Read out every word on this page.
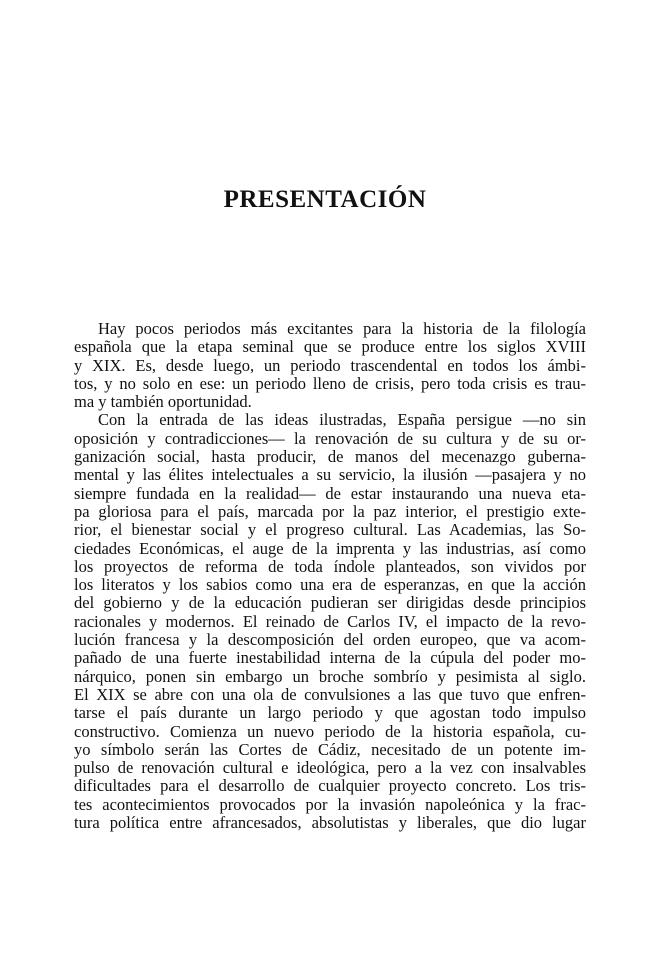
PRESENTACIÓN

Hay pocos periodos más excitantes para la historia de la filología

española que la etapa seminal que se produce entre los siglos XVIII

y XIX. Es, desde luego, un periodo trascendental en todos los ámbi-

tos, y no solo en ese: un periodo lleno de crisis, pero toda crisis es trau-

ma y también oportunidad.

Con la entrada de las ideas ilustradas, España persigue —no sin

oposición y contradicciones— la renovación de su cultura y de su or-

ganización social, hasta producir, de manos del mecenazgo guberna-

mental y las élites intelectuales a su servicio, la ilusión —pasajera y no

siempre fundada en la realidad— de estar instaurando una nueva eta-

pa gloriosa para el país, marcada por la paz interior, el prestigio exte-

rior, el bienestar social y el progreso cultural. Las Academias, las So-

ciedades Económicas, el auge de la imprenta y las industrias, así como

los proyectos de reforma de toda índole planteados, son vividos por

los literatos y los sabios como una era de esperanzas, en que la acción

del gobierno y de la educación pudieran ser dirigidas desde principios

racionales y modernos. El reinado de Carlos IV, el impacto de la revo-

lución francesa y la descomposición del orden europeo, que va acom-

pañado de una fuerte inestabilidad interna de la cúpula del poder mo-

nárquico, ponen sin embargo un broche sombrío y pesimista al siglo.

El XIX se abre con una ola de convulsiones a las que tuvo que enfren-

tarse el país durante un largo periodo y que agostan todo impulso

constructivo. Comienza un nuevo periodo de la historia española, cu-

yo símbolo serán las Cortes de Cádiz, necesitado de un potente im-

pulso de renovación cultural e ideológica, pero a la vez con insalvables

dificultades para el desarrollo de cualquier proyecto concreto. Los tris-

tes acontecimientos provocados por la invasión napoleónica y la frac-

tura política entre afrancesados, absolutistas y liberales, que dio lugar
